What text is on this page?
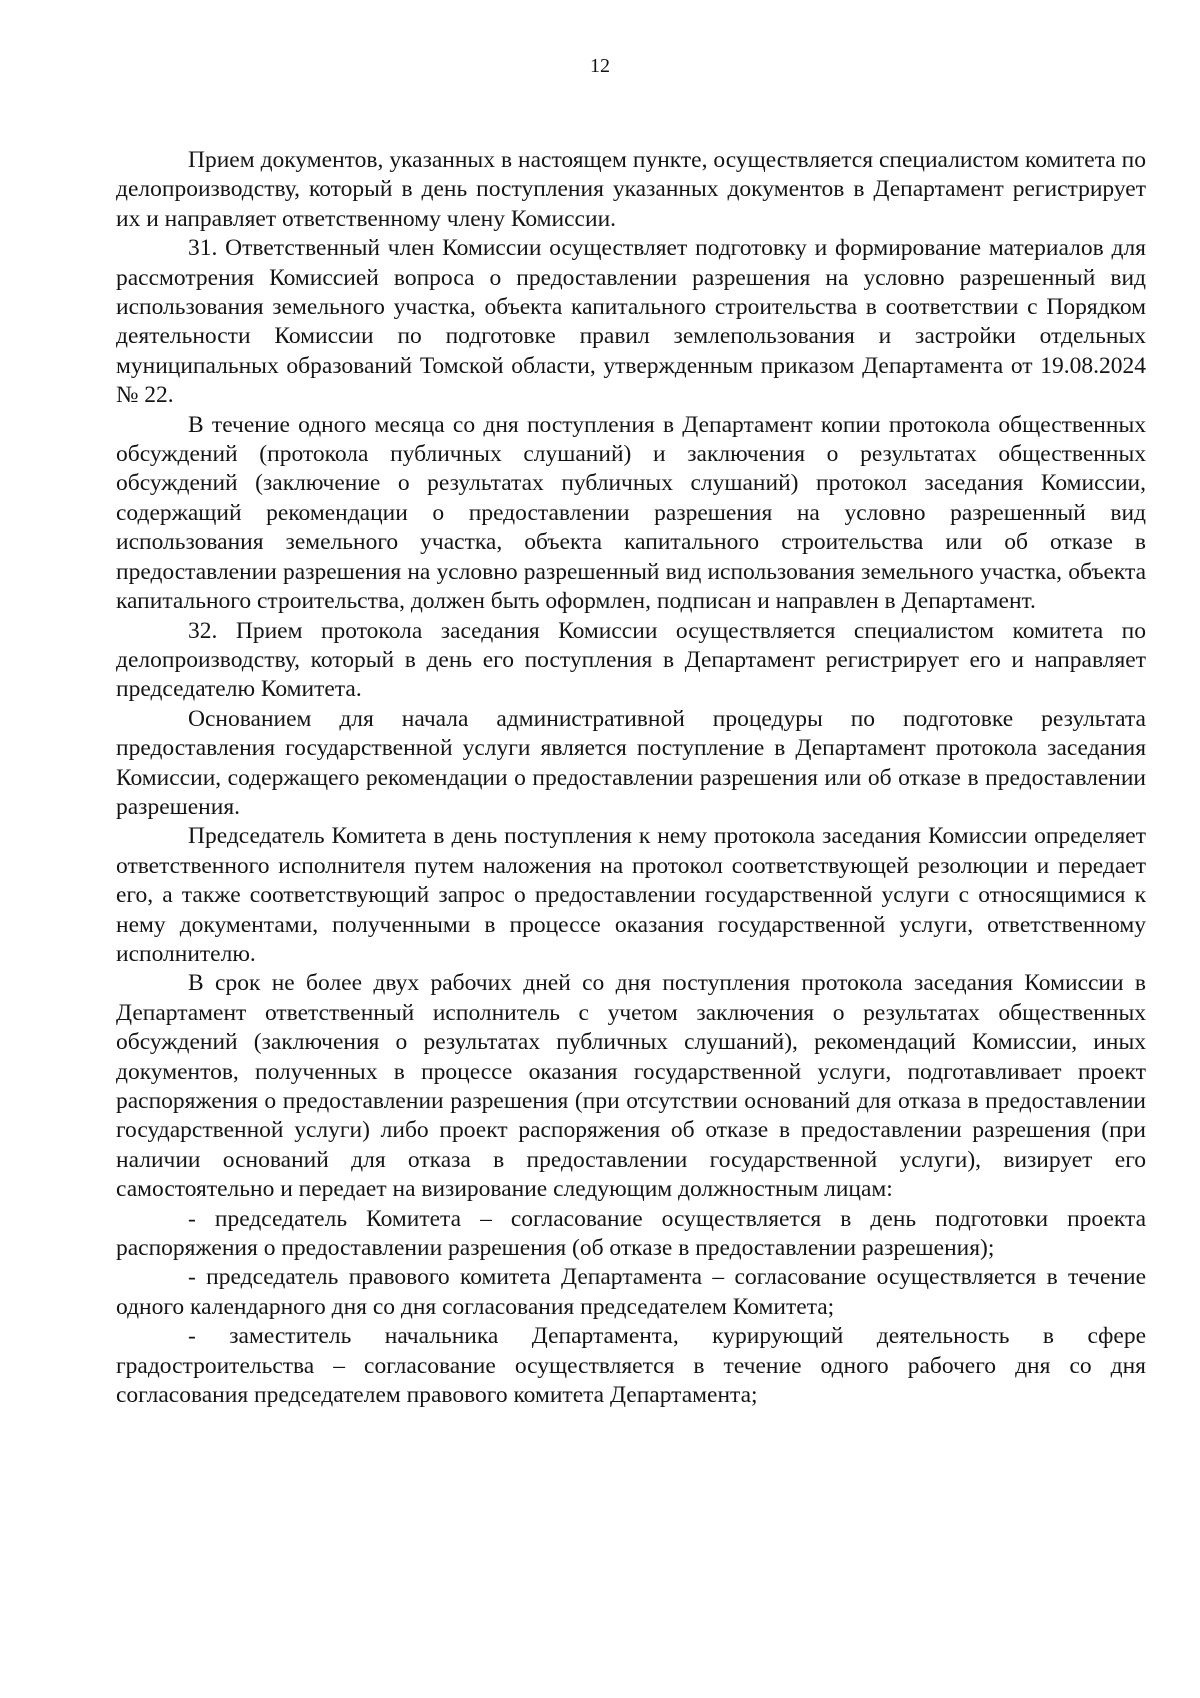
12

Прием документов, указанных в настоящем пункте, осуществляется специалистом комитета по делопроизводству, который в день поступления указанных документов в Департамент регистрирует их и направляет ответственному члену Комиссии.

31. Ответственный член Комиссии осуществляет подготовку и формирование материалов для рассмотрения Комиссией вопроса о предоставлении разрешения на условно разрешенный вид использования земельного участка, объекта капитального строительства в соответствии с Порядком деятельности Комиссии по подготовке правил землепользования и застройки отдельных муниципальных образований Томской области, утвержденным приказом Департамента от 19.08.2024 № 22.

В течение одного месяца со дня поступления в Департамент копии протокола общественных обсуждений (протокола публичных слушаний) и заключения о результатах общественных обсуждений (заключение о результатах публичных слушаний) протокол заседания Комиссии, содержащий рекомендации о предоставлении разрешения на условно разрешенный вид использования земельного участка, объекта капитального строительства или об отказе в предоставлении разрешения на условно разрешенный вид использования земельного участка, объекта капитального строительства, должен быть оформлен, подписан и направлен в Департамент.

32. Прием протокола заседания Комиссии осуществляется специалистом комитета по делопроизводству, который в день его поступления в Департамент регистрирует его и направляет председателю Комитета.

Основанием для начала административной процедуры по подготовке результата предоставления государственной услуги является поступление в Департамент протокола заседания Комиссии, содержащего рекомендации о предоставлении разрешения или об отказе в предоставлении разрешения.

Председатель Комитета в день поступления к нему протокола заседания Комиссии определяет ответственного исполнителя путем наложения на протокол соответствующей резолюции и передает его, а также соответствующий запрос о предоставлении государственной услуги с относящимися к нему документами, полученными в процессе оказания государственной услуги, ответственному исполнителю.

В срок не более двух рабочих дней со дня поступления протокола заседания Комиссии в Департамент ответственный исполнитель с учетом заключения о результатах общественных обсуждений (заключения о результатах публичных слушаний), рекомендаций Комиссии, иных документов, полученных в процессе оказания государственной услуги, подготавливает проект распоряжения о предоставлении разрешения (при отсутствии оснований для отказа в предоставлении государственной услуги) либо проект распоряжения об отказе в предоставлении разрешения (при наличии оснований для отказа в предоставлении государственной услуги), визирует его самостоятельно и передает на визирование следующим должностным лицам:

- председатель Комитета – согласование осуществляется в день подготовки проекта распоряжения о предоставлении разрешения (об отказе в предоставлении разрешения);

- председатель правового комитета Департамента – согласование осуществляется в течение одного календарного дня со дня согласования председателем Комитета;

- заместитель начальника Департамента, курирующий деятельность в сфере градостроительства – согласование осуществляется в течение одного рабочего дня со дня согласования председателем правового комитета Департамента;
